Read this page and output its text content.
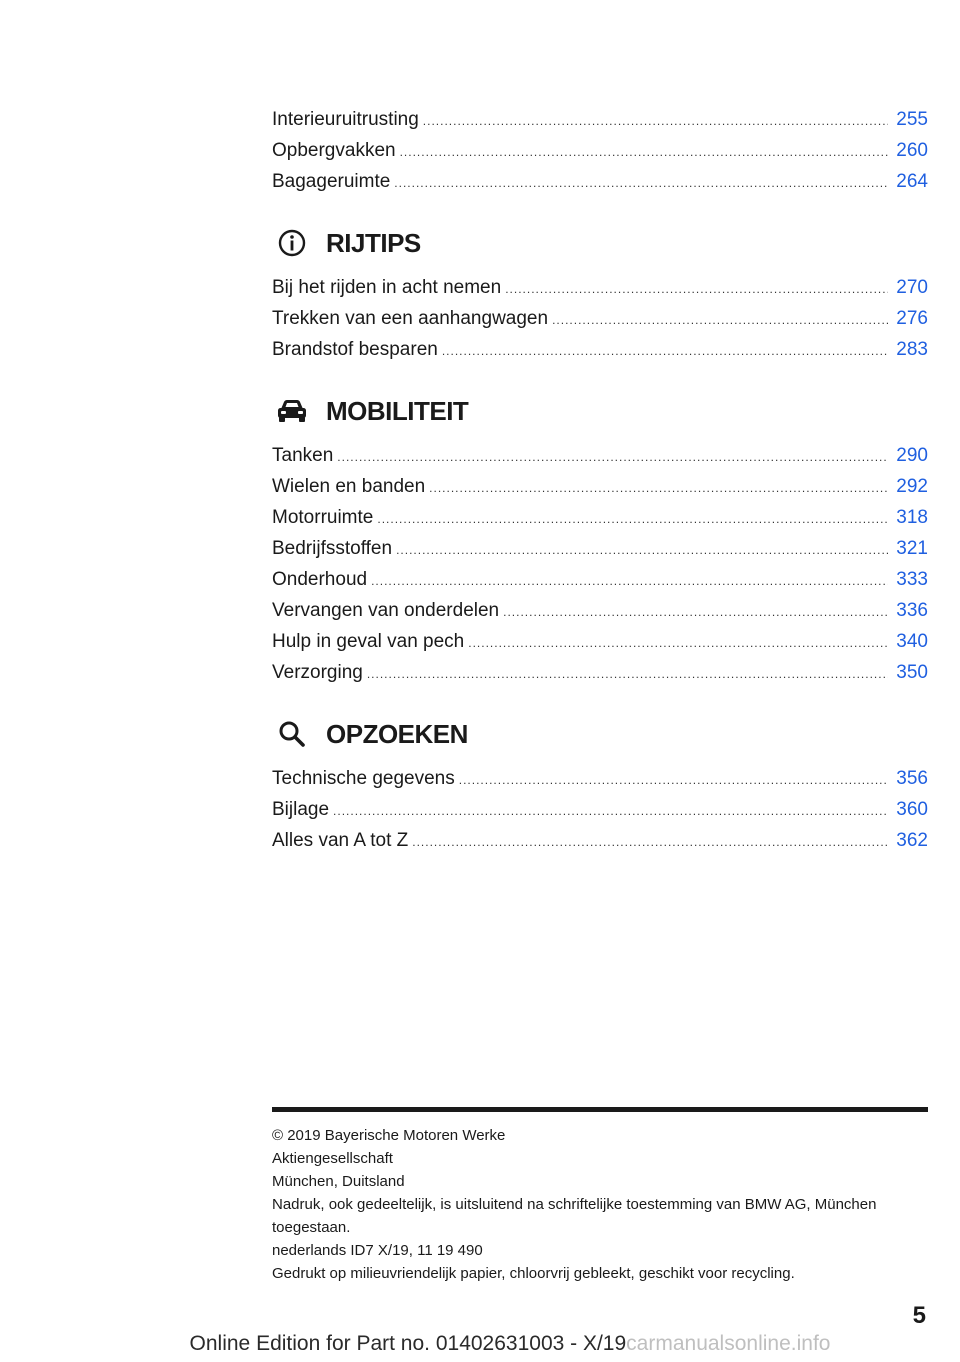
Interieuruitrusting .....	255
Opbergvakken .....	260
Bagageruimte .....	264
RIJTIPS
Bij het rijden in acht nemen .....	270
Trekken van een aanhangwagen .....	276
Brandstof besparen .....	283
MOBILITEIT
Tanken .....	290
Wielen en banden .....	292
Motorruimte .....	318
Bedrijfsstoffen .....	321
Onderhoud .....	333
Vervangen van onderdelen .....	336
Hulp in geval van pech .....	340
Verzorging .....	350
OPZOEKEN
Technische gegevens .....	356
Bijlage .....	360
Alles van A tot Z .....	362
© 2019 Bayerische Motoren Werke
Aktiengesellschaft
München, Duitsland
Nadruk, ook gedeeltelijk, is uitsluitend na schriftelijke toestemming van BMW AG, München toegestaan.
nederlands ID7 X/19, 11 19 490
Gedrukt op milieuvriendelijk papier, chloorvrij gebleekt, geschikt voor recycling.
5
Online Edition for Part no. 01402631003 - X/19carmanualsonline.info
